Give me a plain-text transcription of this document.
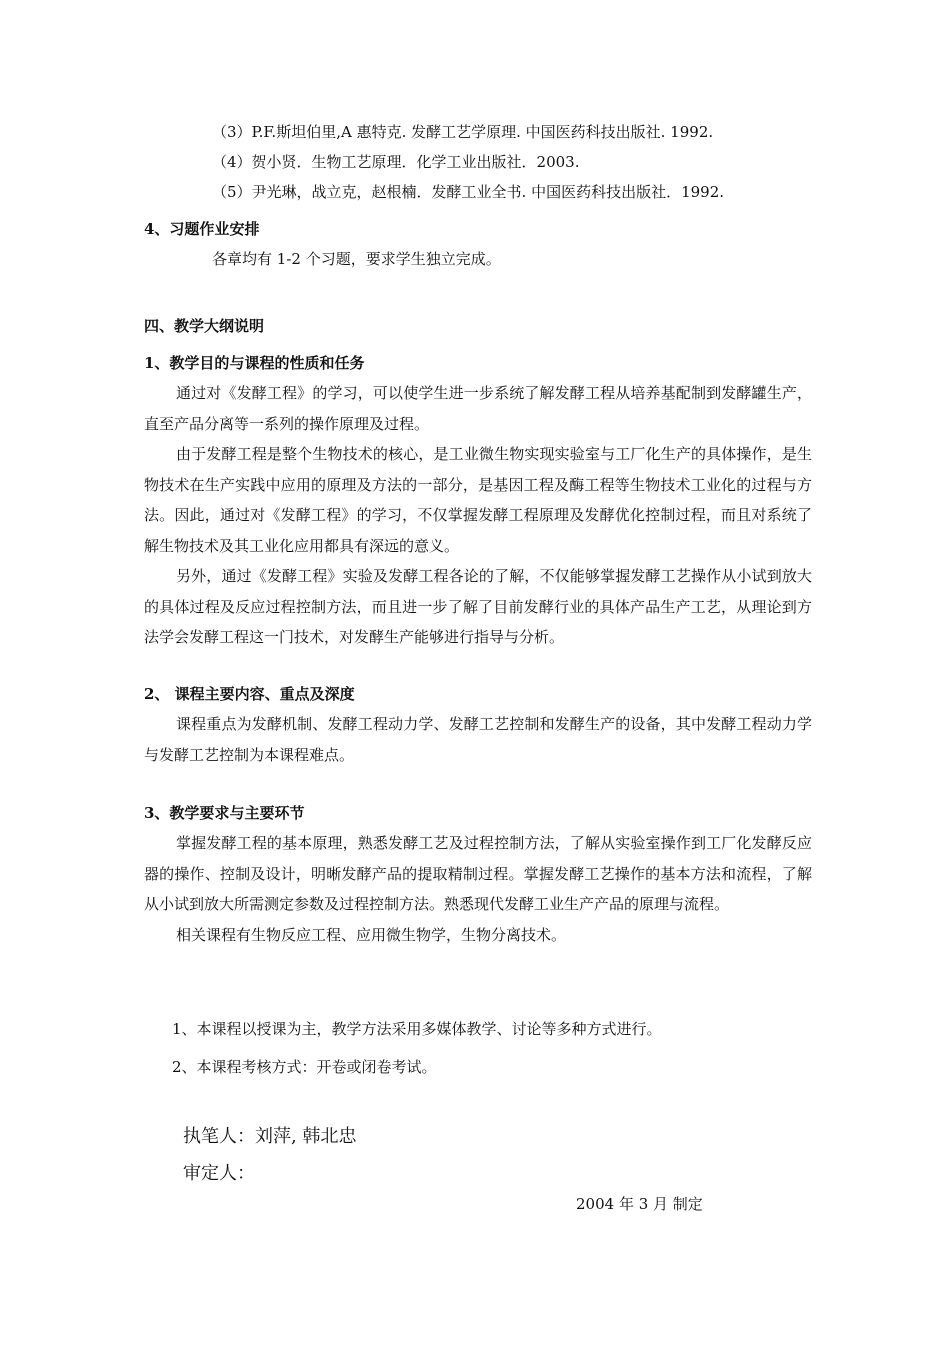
（3）P.F.斯坦伯里,A 惠特克. 发酵工艺学原理. 中国医药科技出版社. 1992.
（4）贺小贤．生物工艺原理．化学工业出版社．2003.
（5）尹光琳，战立克，赵根楠．发酵工业全书. 中国医药科技出版社．1992.
4、习题作业安排
各章均有 1-2 个习题，要求学生独立完成。
四、教学大纲说明
1、教学目的与课程的性质和任务

通过对《发酵工程》的学习，可以使学生进一步系统了解发酵工程从培养基配制到发酵罐生产，直至产品分离等一系列的操作原理及过程。

由于发酵工程是整个生物技术的核心，是工业微生物实现实验室与工厂化生产的具体操作，是生物技术在生产实践中应用的原理及方法的一部分，是基因工程及酶工程等生物技术工业化的过程与方法。因此，通过对《发酵工程》的学习，不仅掌握发酵工程原理及发酵优化控制过程，而且对系统了解生物技术及其工业化应用都具有深远的意义。

另外，通过《发酵工程》实验及发酵工程各论的了解，不仅能够掌握发酵工艺操作从小试到放大的具体过程及反应过程控制方法，而且进一步了解了目前发酵行业的具体产品生产工艺，从理论到方法学会发酵工程这一门技术，对发酵生产能够进行指导与分析。

2、 课程主要内容、重点及深度

课程重点为发酵机制、发酵工程动力学、发酵工艺控制和发酵生产的设备，其中发酵工程动力学与发酵工艺控制为本课程难点。

3、教学要求与主要环节

掌握发酵工程的基本原理，熟悉发酵工艺及过程控制方法，了解从实验室操作到工厂化发酵反应器的操作、控制及设计，明晰发酵产品的提取精制过程。掌握发酵工艺操作的基本方法和流程，了解从小试到放大所需测定参数及过程控制方法。熟悉现代发酵工业生产产品的原理与流程。

相关课程有生物反应工程、应用微生物学，生物分离技术。

1、本课程以授课为主，教学方法采用多媒体教学、讨论等多种方式进行。
2、本课程考核方式：开卷或闭卷考试。
执笔人：刘萍, 韩北忠
审定人：
2004 年 3 月 制定
